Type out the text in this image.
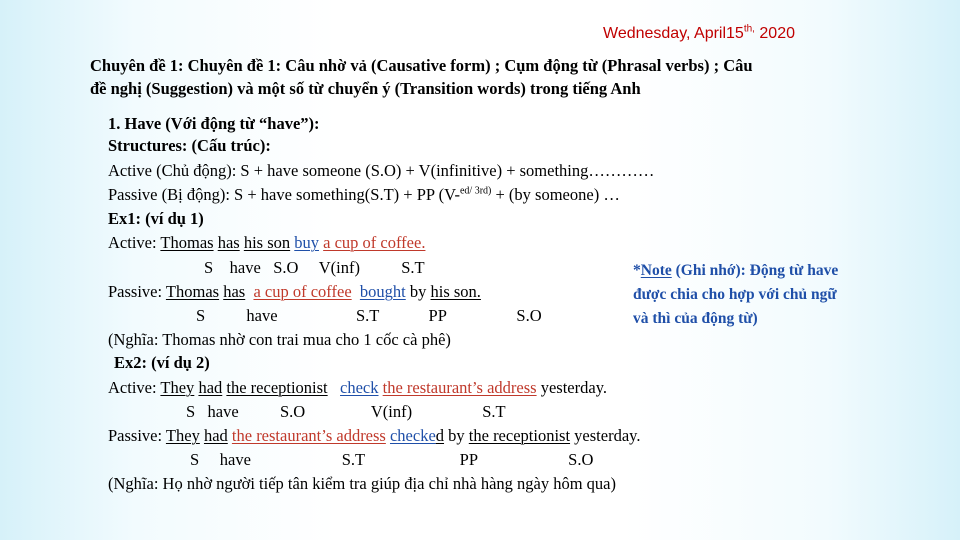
Wednesday, $April15^{th,}$ 2020
Chuyên đề 1: Chuyên đề 1: Câu nhờ vả (Causative form) ; Cụm động từ (Phrasal verbs) ; Câu
đề nghị (Suggestion) và một số từ chuyển ý (Transition words) trong tiếng Anh
1. Have (Với động từ “have”):
Structures: (Cấu trúc):
Active (Chủ động): S + have someone (S.O) + V(infinitive) + something…………
Passive (Bị động): S + have something(S.T) + PP (V-$^{ed/ 3rd)}$ + (by someone) …
Ex1: (ví dụ 1)
Active: Thomas has his son buy a cup of coffee.
S    have   S.O     V(inf)          S.T
Passive: Thomas has a cup of coffee bought by his son.
S          have                   S.T            PP                 S.O
(Nghĩa: Thomas nhờ con trai mua cho 1 cốc cà phê)
*Note (Ghi nhớ): Động từ have
được chia cho hợp với chủ ngữ
và thì của động từ)
Ex2: (ví dụ 2)
Active: They had the receptionist check the restaurant’s address yesterday.
S   have          S.O                V(inf)                 S.T
Passive: They had the restaurant’s address checked by the receptionist yesterday.
S     have                      S.T                       PP                      S.O
(Nghĩa: Họ nhờ người tiếp tân kiểm tra giúp địa chỉ nhà hàng ngày hôm qua)
